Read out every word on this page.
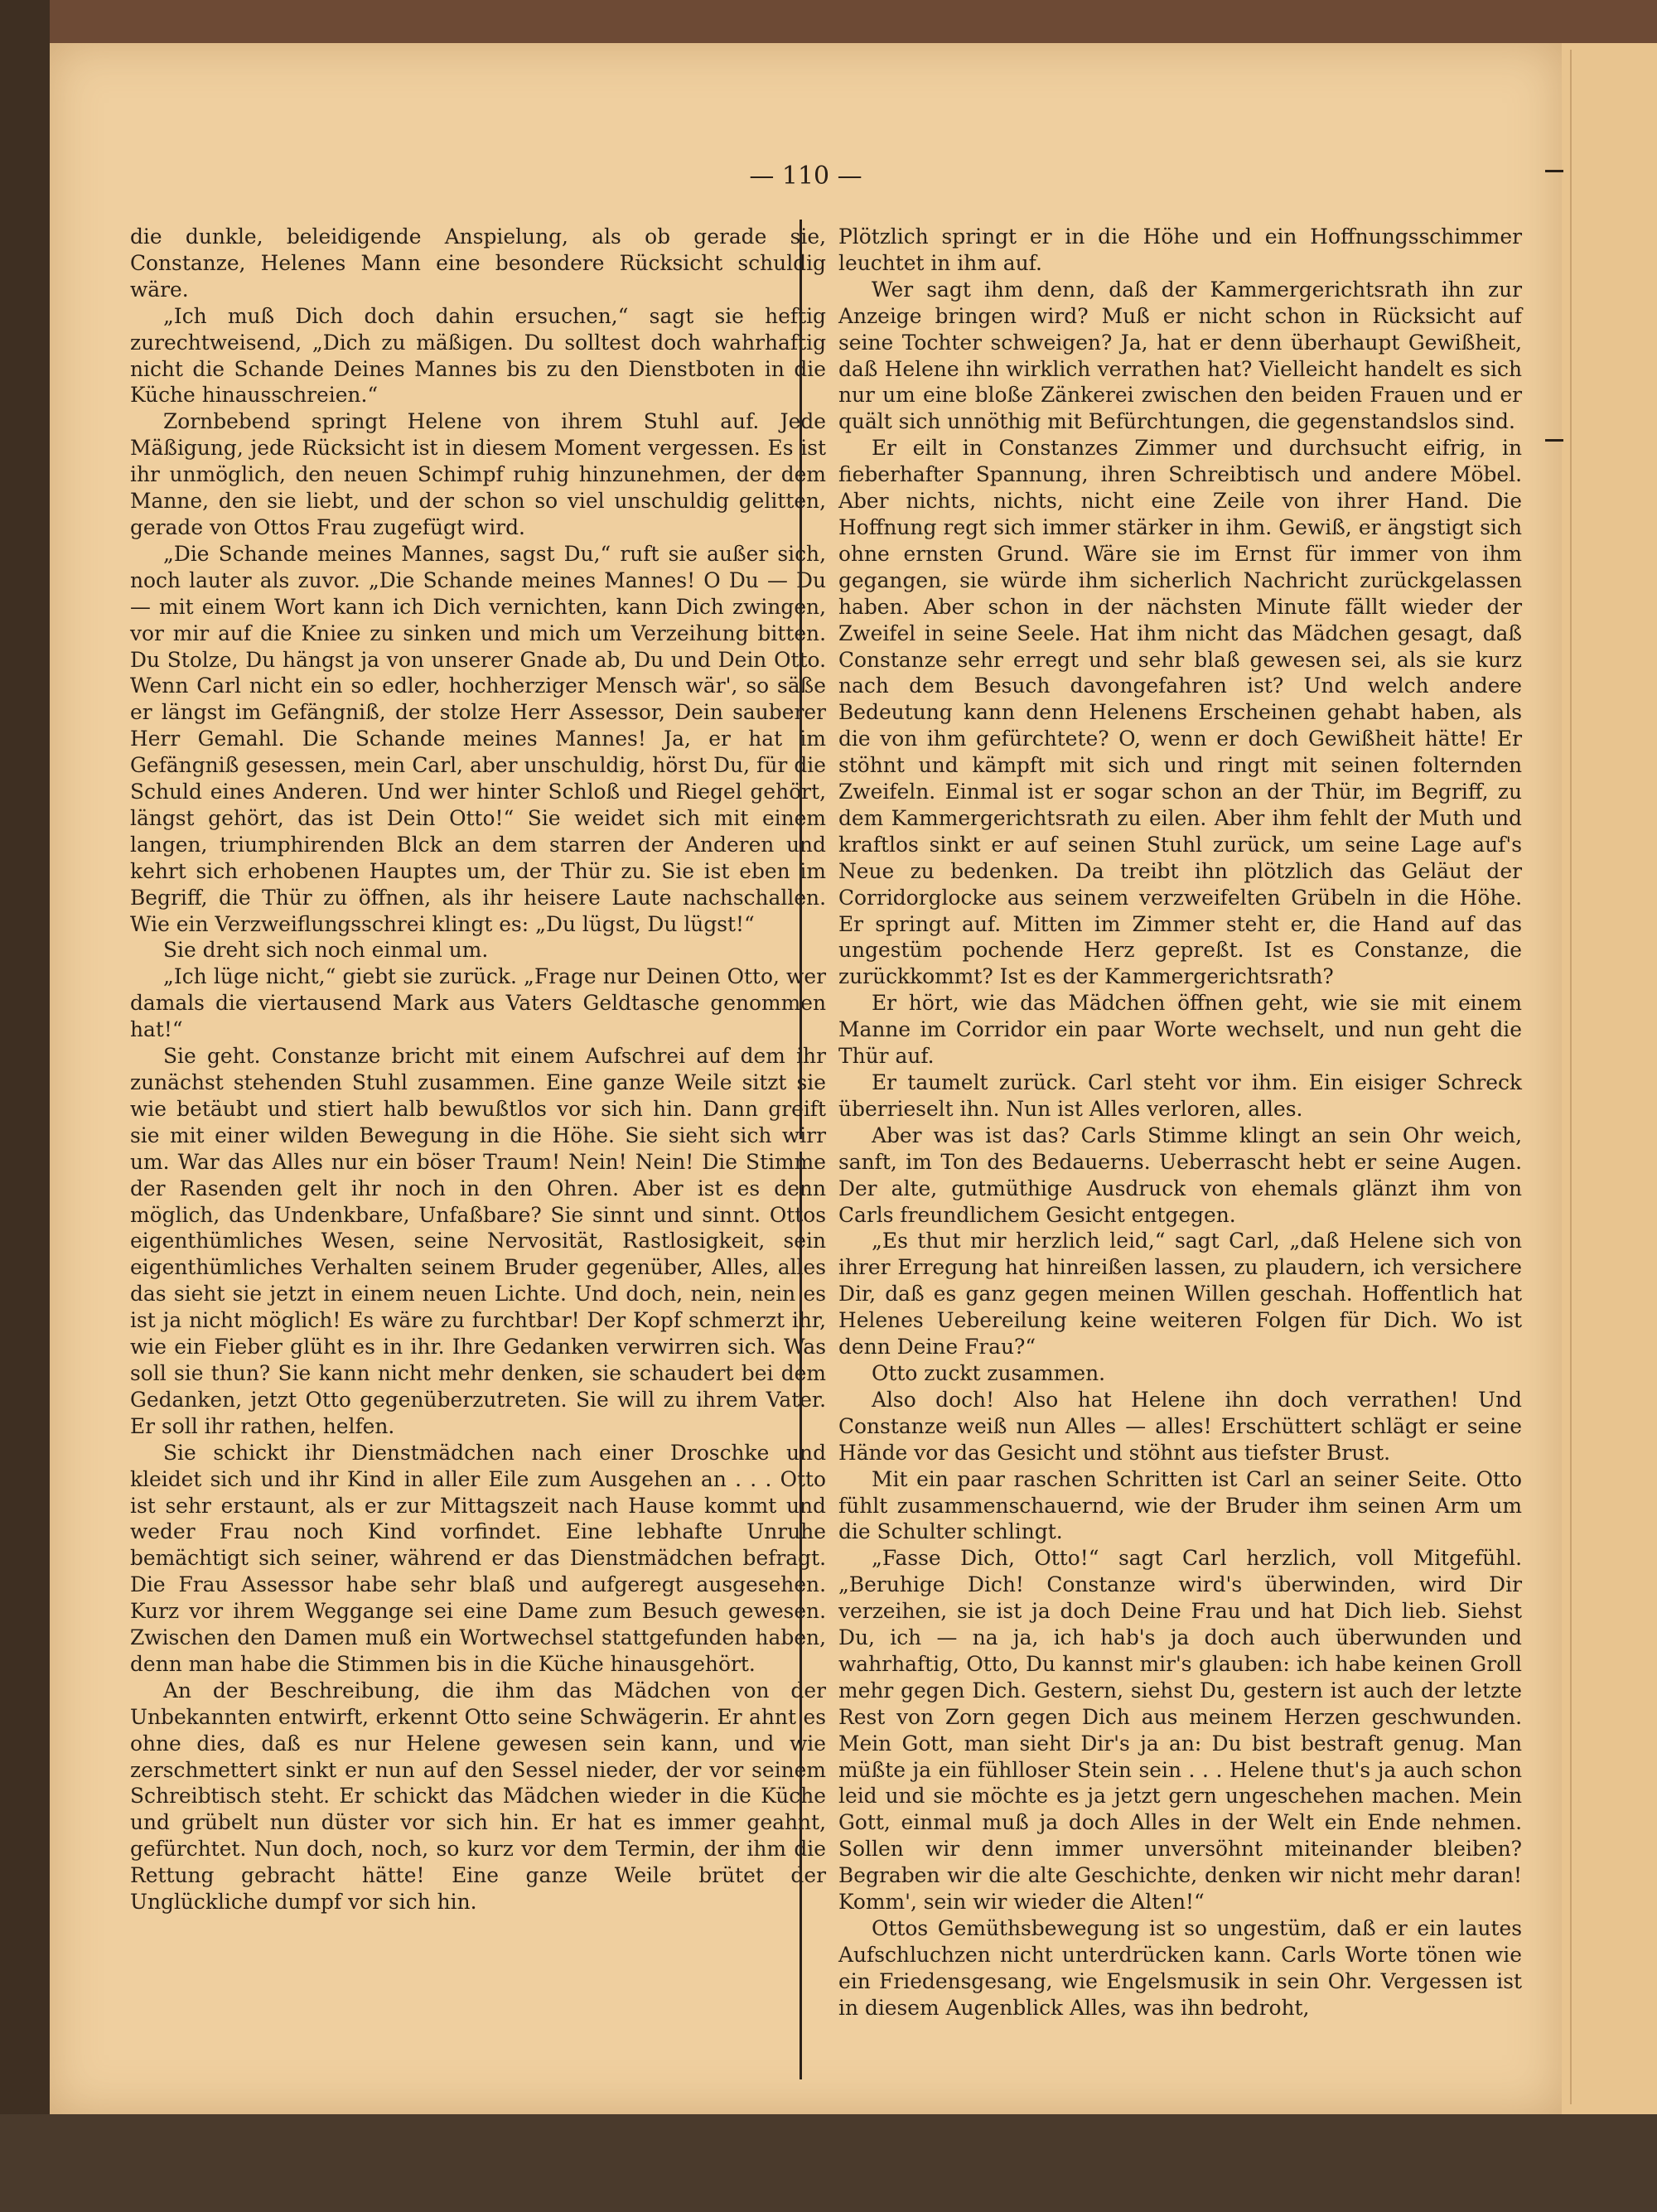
— 110 —

die dunkle, beleidigende Anspielung, als ob gerade sie, Constanze, Helenes Mann eine besondere Rücksicht schuldig wäre.

„Ich muß Dich doch dahin ersuchen,“ sagt sie heftig zurechtweisend, „Dich zu mäßigen. Du solltest doch wahrhaftig nicht die Schande Deines Mannes bis zu den Dienstboten in die Küche hinausschreien.“

Zornbebend springt Helene von ihrem Stuhl auf. Jede Mäßigung, jede Rücksicht ist in diesem Moment vergessen. Es ist ihr unmöglich, den neuen Schimpf ruhig hinzunehmen, der dem Manne, den sie liebt, und der schon so viel unschuldig gelitten, gerade von Ottos Frau zugefügt wird.

„Die Schande meines Mannes, sagst Du,“ ruft sie außer sich, noch lauter als zuvor. „Die Schande meines Mannes! O Du — Du — mit einem Wort kann ich Dich vernichten, kann Dich zwingen, vor mir auf die Kniee zu sinken und mich um Verzeihung bitten. Du Stolze, Du hängst ja von unserer Gnade ab, Du und Dein Otto. Wenn Carl nicht ein so edler, hochherziger Mensch wär', so säße er längst im Gefängniß, der stolze Herr Assessor, Dein sauberer Herr Gemahl. Die Schande meines Mannes! Ja, er hat im Gefängniß gesessen, mein Carl, aber unschuldig, hörst Du, für die Schuld eines Anderen. Und wer hinter Schloß und Riegel gehört, längst gehört, das ist Dein Otto!“ Sie weidet sich mit einem langen, triumphirenden Blck an dem starren der Anderen und kehrt sich erhobenen Hauptes um, der Thür zu. Sie ist eben im Begriff, die Thür zu öffnen, als ihr heisere Laute nachschallen. Wie ein Verzweiflungsschrei klingt es: „Du lügst, Du lügst!“

Sie dreht sich noch einmal um.

„Ich lüge nicht,“ giebt sie zurück. „Frage nur Deinen Otto, wer damals die viertausend Mark aus Vaters Geldtasche genommen hat!“

Sie geht. Constanze bricht mit einem Aufschrei auf dem ihr zunächst stehenden Stuhl zusammen. Eine ganze Weile sitzt sie wie betäubt und stiert halb bewußtlos vor sich hin. Dann greift sie mit einer wilden Bewegung in die Höhe. Sie sieht sich wirr um. War das Alles nur ein böser Traum! Nein! Nein! Die Stimme der Rasenden gelt ihr noch in den Ohren. Aber ist es denn möglich, das Undenkbare, Unfaßbare? Sie sinnt und sinnt. Ottos eigenthümliches Wesen, seine Nervosität, Rastlosigkeit, sein eigenthümliches Verhalten seinem Bruder gegenüber, Alles, alles das sieht sie jetzt in einem neuen Lichte. Und doch, nein, nein es ist ja nicht möglich! Es wäre zu furchtbar! Der Kopf schmerzt ihr, wie ein Fieber glüht es in ihr. Ihre Gedanken verwirren sich. Was soll sie thun? Sie kann nicht mehr denken, sie schaudert bei dem Gedanken, jetzt Otto gegenüberzutreten. Sie will zu ihrem Vater. Er soll ihr rathen, helfen.

Sie schickt ihr Dienstmädchen nach einer Droschke und kleidet sich und ihr Kind in aller Eile zum Ausgehen an . . . Otto ist sehr erstaunt, als er zur Mittagszeit nach Hause kommt und weder Frau noch Kind vorfindet. Eine lebhafte Unruhe bemächtigt sich seiner, während er das Dienstmädchen befragt. Die Frau Assessor habe sehr blaß und aufgeregt ausgesehen. Kurz vor ihrem Weggange sei eine Dame zum Besuch gewesen. Zwischen den Damen muß ein Wortwechsel stattgefunden haben, denn man habe die Stimmen bis in die Küche hinausgehört.

An der Beschreibung, die ihm das Mädchen von der Unbekannten entwirft, erkennt Otto seine Schwägerin. Er ahnt es ohne dies, daß es nur Helene gewesen sein kann, und wie zerschmettert sinkt er nun auf den Sessel nieder, der vor seinem Schreibtisch steht. Er schickt das Mädchen wieder in die Küche und grübelt nun düster vor sich hin. Er hat es immer geahnt, gefürchtet. Nun doch, noch, so kurz vor dem Termin, der ihm die Rettung gebracht hätte! Eine ganze Weile brütet der Unglückliche dumpf vor sich hin.

Plötzlich springt er in die Höhe und ein Hoffnungsschimmer leuchtet in ihm auf.

Wer sagt ihm denn, daß der Kammergerichtsrath ihn zur Anzeige bringen wird? Muß er nicht schon in Rücksicht auf seine Tochter schweigen? Ja, hat er denn überhaupt Gewißheit, daß Helene ihn wirklich verrathen hat? Vielleicht handelt es sich nur um eine bloße Zänkerei zwischen den beiden Frauen und er quält sich unnöthig mit Befürchtungen, die gegenstandslos sind.

Er eilt in Constanzes Zimmer und durchsucht eifrig, in fieberhafter Spannung, ihren Schreibtisch und andere Möbel. Aber nichts, nichts, nicht eine Zeile von ihrer Hand. Die Hoffnung regt sich immer stärker in ihm. Gewiß, er ängstigt sich ohne ernsten Grund. Wäre sie im Ernst für immer von ihm gegangen, sie würde ihm sicherlich Nachricht zurückgelassen haben. Aber schon in der nächsten Minute fällt wieder der Zweifel in seine Seele. Hat ihm nicht das Mädchen gesagt, daß Constanze sehr erregt und sehr blaß gewesen sei, als sie kurz nach dem Besuch davongefahren ist? Und welch andere Bedeutung kann denn Helenens Erscheinen gehabt haben, als die von ihm gefürchtete? O, wenn er doch Gewißheit hätte! Er stöhnt und kämpft mit sich und ringt mit seinen folternden Zweifeln. Einmal ist er sogar schon an der Thür, im Begriff, zu dem Kammergerichtsrath zu eilen. Aber ihm fehlt der Muth und kraftlos sinkt er auf seinen Stuhl zurück, um seine Lage auf's Neue zu bedenken. Da treibt ihn plötzlich das Geläut der Corridorglocke aus seinem verzweifelten Grübeln in die Höhe. Er springt auf. Mitten im Zimmer steht er, die Hand auf das ungestüm pochende Herz gepreßt. Ist es Constanze, die zurückkommt? Ist es der Kammergerichtsrath?

Er hört, wie das Mädchen öffnen geht, wie sie mit einem Manne im Corridor ein paar Worte wechselt, und nun geht die Thür auf.

Er taumelt zurück. Carl steht vor ihm. Ein eisiger Schreck überrieselt ihn. Nun ist Alles verloren, alles.

Aber was ist das? Carls Stimme klingt an sein Ohr weich, sanft, im Ton des Bedauerns. Ueberrascht hebt er seine Augen. Der alte, gutmüthige Ausdruck von ehemals glänzt ihm von Carls freundlichem Gesicht entgegen.

„Es thut mir herzlich leid,“ sagt Carl, „daß Helene sich von ihrer Erregung hat hinreißen lassen, zu plaudern, ich versichere Dir, daß es ganz gegen meinen Willen geschah. Hoffentlich hat Helenes Uebereilung keine weiteren Folgen für Dich. Wo ist denn Deine Frau?“

Otto zuckt zusammen.

Also doch! Also hat Helene ihn doch verrathen! Und Constanze weiß nun Alles — alles! Erschüttert schlägt er seine Hände vor das Gesicht und stöhnt aus tiefster Brust.

Mit ein paar raschen Schritten ist Carl an seiner Seite. Otto fühlt zusammenschauernd, wie der Bruder ihm seinen Arm um die Schulter schlingt.

„Fasse Dich, Otto!“ sagt Carl herzlich, voll Mitgefühl. „Beruhige Dich! Constanze wird's überwinden, wird Dir verzeihen, sie ist ja doch Deine Frau und hat Dich lieb. Siehst Du, ich — na ja, ich hab's ja doch auch überwunden und wahrhaftig, Otto, Du kannst mir's glauben: ich habe keinen Groll mehr gegen Dich. Gestern, siehst Du, gestern ist auch der letzte Rest von Zorn gegen Dich aus meinem Herzen geschwunden. Mein Gott, man sieht Dir's ja an: Du bist bestraft genug. Man müßte ja ein fühlloser Stein sein . . . Helene thut's ja auch schon leid und sie möchte es ja jetzt gern ungeschehen machen. Mein Gott, einmal muß ja doch Alles in der Welt ein Ende nehmen. Sollen wir denn immer unversöhnt miteinander bleiben? Begraben wir die alte Geschichte, denken wir nicht mehr daran! Komm', sein wir wieder die Alten!“

Ottos Gemüthsbewegung ist so ungestüm, daß er ein lautes Aufschluchzen nicht unterdrücken kann. Carls Worte tönen wie ein Friedensgesang, wie Engelsmusik in sein Ohr. Vergessen ist in diesem Augenblick Alles, was ihn bedroht,
